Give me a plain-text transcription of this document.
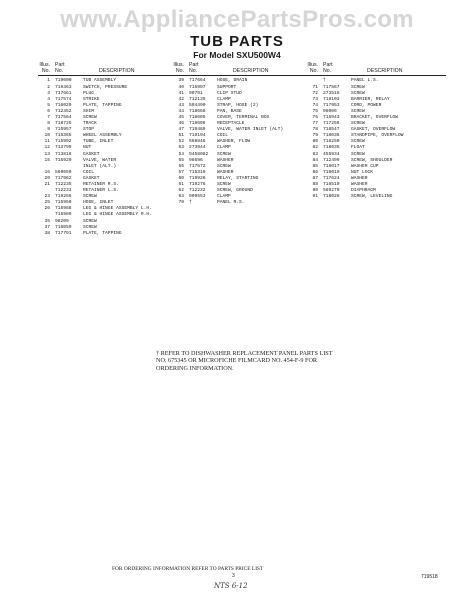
www.AppliancePartsPros.com
TUB PARTS
For Model SXU500W4
Illus. Part
No. No.	DESCRIPTION
1	719000	TUB ASSEMBLY
2	719363	SWITCH, PRESSURE
3	717661	PLUG
4	717574	STRIKE
5	716029	PLATE, TAPPING
6	712352	SHIM
7	717564	SCREW
8	718725	TRACK
9	715957	STOP
10	715365	WHEEL ASSEMBLY
11	715992	TUBE, INLET
12	713799	NUT
13	713818	GASKET
15	715920	VALVE, WATER
INLET (ALT.)
16	569050	COIL
20	717962	GASKET
21	712235	RETAINER R.S.
712233	RETAINER L.S.
23	719266	SCREW
25	715950	HOSE, INLET
26	715988	LEG & HINGE ASSEMBLY L.H.
715989	LEG & HINGE ASSEMBLY R.H.
35	98209	SCREW
37	716059	SCREW
38	717791	PLATE, TAPPING
Illus. Part
No. No.	DESCRIPTION
39	717664	HOSE, DRAIN
40	715997	SUPPORT
41	90791	CLIP STUD
42	712135	CLAMP
43	594490	STRAP, HOSE (2)
44	718668	PAN, BASE
45	718605	COVER, TERMINAL BOX
46	718606	RECEPTACLE
47	719489	VALVE, WATER INLET (ALT)
51	719194	COIL
52	568846	WASHER, FLOW
53	273944	CLAMP
54	9458082	SCREW
55	98696	WASHER
56	717572	SCREW
57	715319	WASHER
60	719928	RELAY, STARTING
61	719276	SCREW
62	712232	SCREW, GROUND
63	909553	CLAMP
70	†	PANEL R.S.
Illus. Part
No. No.	DESCRIPTION
†	PANEL L.S.
71	717567	SCREW
72	273516	SCREW
73	718103	BARRIER, RELAY
74	717953	CORD, POWER
75	98006	SCREW
76	715943	BRACKET, OVERFLOW
77	717256	SCREW
78	718547	GASKET, OVERFLOW
79	718036	STANDPIPE, OVERFLOW
80	718250	SCREW
82	718035	FLOAT
83	455934	SCREW
84	712499	SCREW, SHOULDER
85	718017	WASHER CUP
86	718019	NUT LOCK
87	717624	WASHER
88	718510	WASHER
90	569270	DIAPHRAGM
91	718026	SCREW, LEVELING
† REFER TO DISHWASHER REPLACEMENT PANEL PARTS LIST NO. 675345 OR MICROFICHE FILMCARD NO. 454-F-9 FOR ORDERING INFORMATION.
FOR ORDERING INFORMATION REFER TO PARTS PRICE LIST
3	719518
NTS 6-12
